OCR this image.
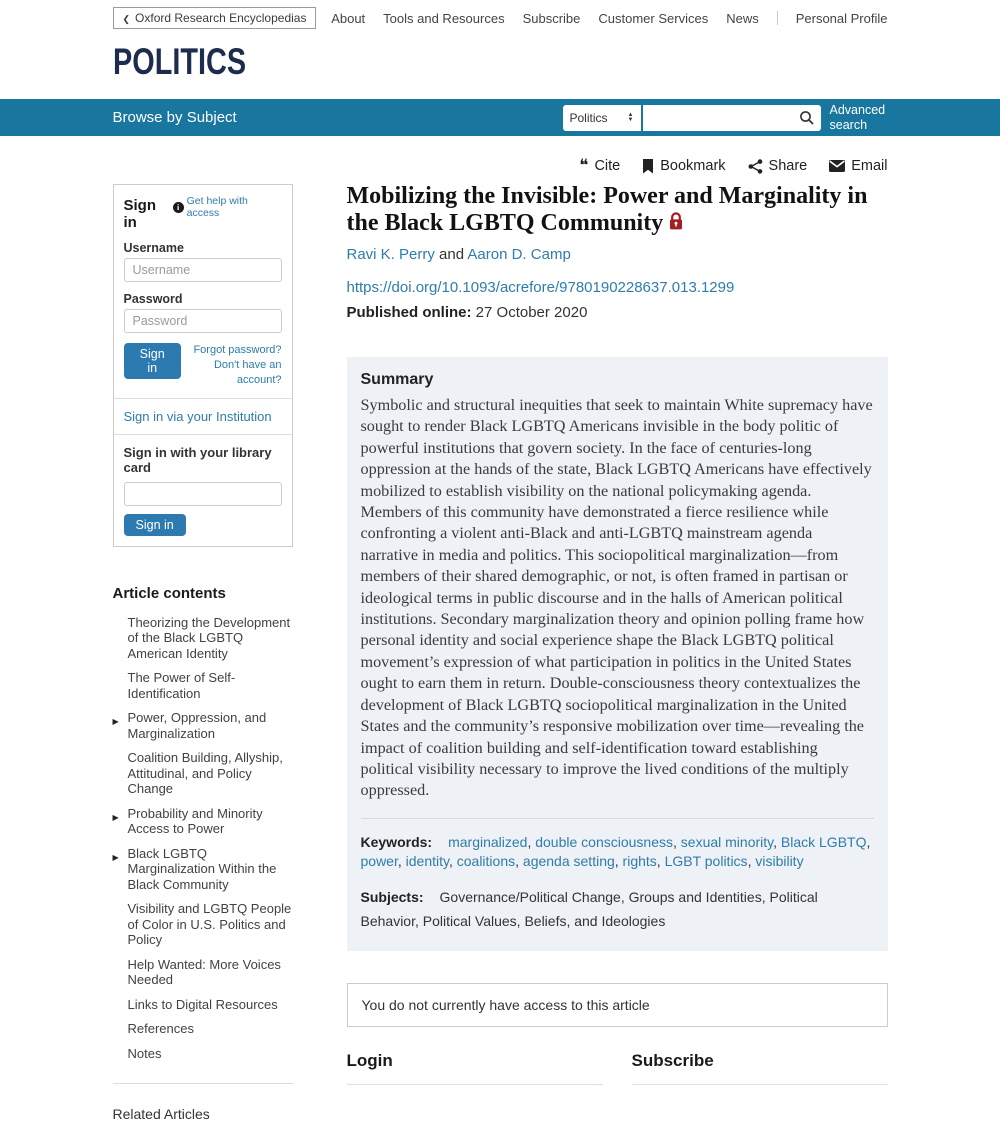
❮
Oxford Research Encyclopedias About Tools and Resources Subscribe Customer Services News	Personal Profile
POLITICS
Browse by Subject	Politics	▲
▼
Advanced search
Sign in
i Get help with access
Username
Username
Password
Sign in
Forgot password?
Don't have an account?
Sign in via your Institution
Sign in with your library card
Sign in
Article contents
Theorizing the Development of the Black LGBTQ American Identity
The Power of Self-Identification
▶
Power, Oppression, and Marginalization
Coalition Building, Allyship, Attitudinal, and Policy Change
▶
Probability and Minority Access to Power
▶
Black LGBTQ Marginalization Within the Black Community
Visibility and LGBTQ People of Color in U.S. Politics and Policy
Help Wanted: More Voices Needed
Links to Digital Resources
References
Notes
Related Articles
❝ Cite	Bookmark	Share	Email
Mobilizing the Invisible: Power and Marginality in the Black LGBTQ Community
Ravi K. Perry and Aaron D. Camp
https://doi.org/10.1093/acrefore/9780190228637.013.1299
Published online: 27 October 2020
Summary

Symbolic and structural inequities that seek to maintain White supremacy have sought to render Black LGBTQ Americans invisible in the body politic of powerful institutions that govern society. In the face of centuries-long oppression at the hands of the state, Black LGBTQ Americans have effectively mobilized to establish visibility on the national policymaking agenda. Members of this community have demonstrated a fierce resilience while confronting a violent anti-Black and anti-LGBTQ mainstream agenda narrative in media and politics. This sociopolitical marginalization—from members of their shared demographic, or not, is often framed in partisan or ideological terms in public discourse and in the halls of American political institutions. Secondary marginalization theory and opinion polling frame how personal identity and social experience shape the Black LGBTQ political movement’s expression of what participation in politics in the United States ought to earn them in return. Double-consciousness theory contextualizes the development of Black LGBTQ sociopolitical marginalization in the United States and the community’s responsive mobilization over time—revealing the impact of coalition building and self-identification toward establishing political visibility necessary to improve the lived conditions of the multiply oppressed.

Keywords: marginalized , double consciousness , sexual minority , Black LGBTQ , power , identity , coalitions , agenda setting , rights , LGBT politics , visibility

Subjects: Governance/Political Change, Groups and Identities, Political Behavior, Political Values, Beliefs, and Ideologies

You do not currently have access to this article
Login	Subscribe
